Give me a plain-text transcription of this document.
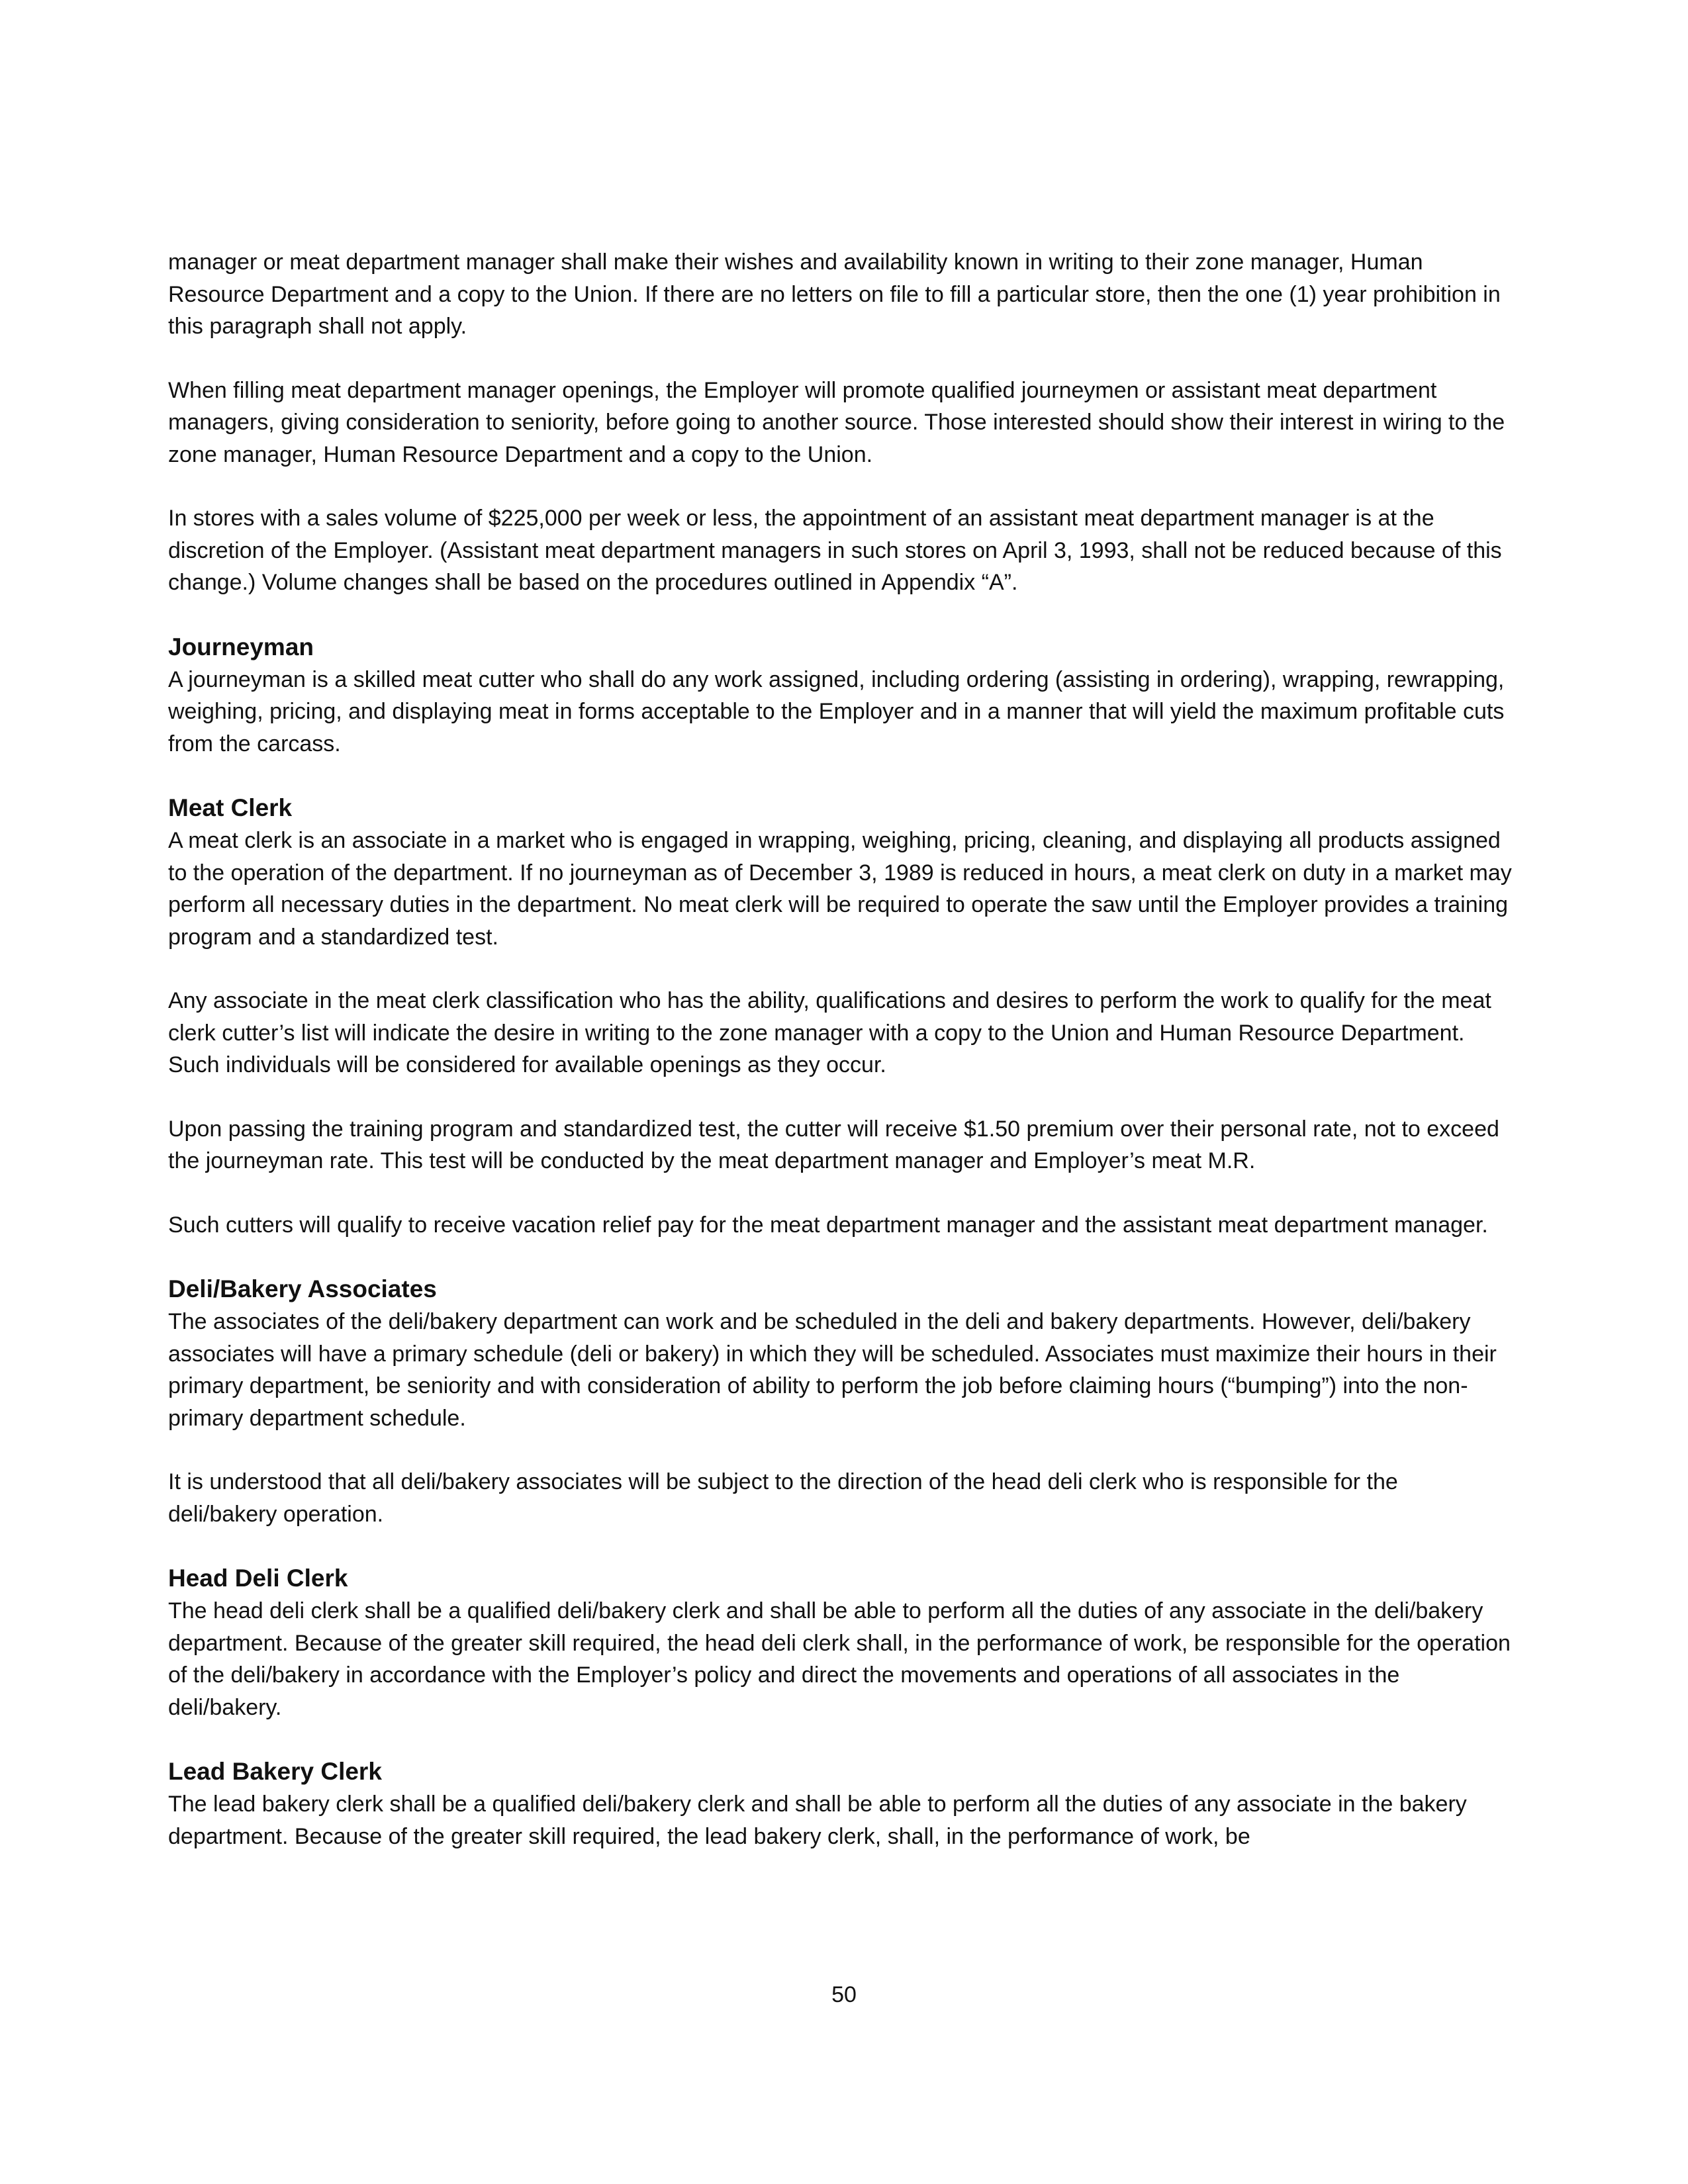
manager or meat department manager shall make their wishes and availability known in writing to their zone manager, Human Resource Department and a copy to the Union. If there are no letters on file to fill a particular store, then the one (1) year prohibition in this paragraph shall not apply.

When filling meat department manager openings, the Employer will promote qualified journeymen or assistant meat department managers, giving consideration to seniority, before going to another source. Those interested should show their interest in wiring to the zone manager, Human Resource Department and a copy to the Union.

In stores with a sales volume of $225,000 per week or less, the appointment of an assistant meat department manager is at the discretion of the Employer. (Assistant meat department managers in such stores on April 3, 1993, shall not be reduced because of this change.) Volume changes shall be based on the procedures outlined in Appendix “A”.

Journeyman

A journeyman is a skilled meat cutter who shall do any work assigned, including ordering (assisting in ordering), wrapping, rewrapping, weighing, pricing, and displaying meat in forms acceptable to the Employer and in a manner that will yield the maximum profitable cuts from the carcass.

Meat Clerk

A meat clerk is an associate in a market who is engaged in wrapping, weighing, pricing, cleaning, and displaying all products assigned to the operation of the department. If no journeyman as of December 3, 1989 is reduced in hours, a meat clerk on duty in a market may perform all necessary duties in the department. No meat clerk will be required to operate the saw until the Employer provides a training program and a standardized test.

Any associate in the meat clerk classification who has the ability, qualifications and desires to perform the work to qualify for the meat clerk cutter’s list will indicate the desire in writing to the zone manager with a copy to the Union and Human Resource Department. Such individuals will be considered for available openings as they occur.

Upon passing the training program and standardized test, the cutter will receive $1.50 premium over their personal rate, not to exceed the journeyman rate. This test will be conducted by the meat department manager and Employer’s meat M.R.

Such cutters will qualify to receive vacation relief pay for the meat department manager and the assistant meat department manager.

Deli/Bakery Associates

The associates of the deli/bakery department can work and be scheduled in the deli and bakery departments. However, deli/bakery associates will have a primary schedule (deli or bakery) in which they will be scheduled. Associates must maximize their hours in their primary department, be seniority and with consideration of ability to perform the job before claiming hours (“bumping”) into the non-primary department schedule.

It is understood that all deli/bakery associates will be subject to the direction of the head deli clerk who is responsible for the deli/bakery operation.

Head Deli Clerk

The head deli clerk shall be a qualified deli/bakery clerk and shall be able to perform all the duties of any associate in the deli/bakery department. Because of the greater skill required, the head deli clerk shall, in the performance of work, be responsible for the operation of the deli/bakery in accordance with the Employer’s policy and direct the movements and operations of all associates in the deli/bakery.

Lead Bakery Clerk

The lead bakery clerk shall be a qualified deli/bakery clerk and shall be able to perform all the duties of any associate in the bakery department. Because of the greater skill required, the lead bakery clerk, shall, in the performance of work, be

50
